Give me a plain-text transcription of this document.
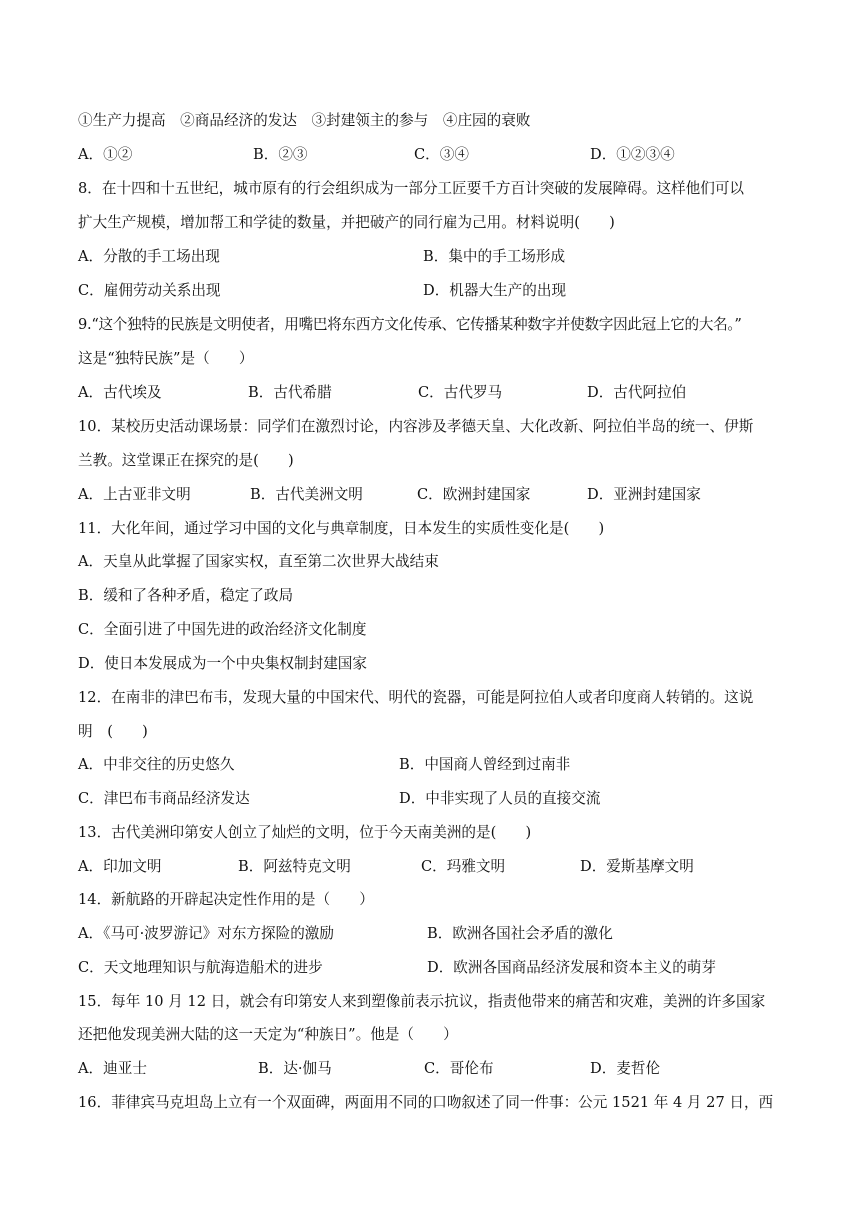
①生产力提高　②商品经济的发达　③封建领主的参与　④庄园的衰败
A．①②	B．②③	C．③④	D．①②③④
8．在十四和十五世纪，城市原有的行会组织成为一部分工匠要千方百计突破的发展障碍。这样他们可以
扩大生产规模，增加帮工和学徒的数量，并把破产的同行雇为己用。材料说明(　　)
A．分散的手工场出现	B．集中的手工场形成
C．雇佣劳动关系出现	D．机器大生产的出现
9.“这个独特的民族是文明使者，用嘴巴将东西方文化传承、它传播某种数字并使数字因此冠上它的大名。”
这是“独特民族”是（　　）
A．古代埃及	B．古代希腊	C．古代罗马	D．古代阿拉伯
10．某校历史活动课场景：同学们在激烈讨论，内容涉及孝德天皇、大化改新、阿拉伯半岛的统一、伊斯
兰教。这堂课正在探究的是(　　)
A．上古亚非文明	B．古代美洲文明	C．欧洲封建国家	D．亚洲封建国家
11．大化年间，通过学习中国的文化与典章制度，日本发生的实质性变化是(　　)
A．天皇从此掌握了国家实权，直至第二次世界大战结束
B．缓和了各种矛盾，稳定了政局
C．全面引进了中国先进的政治经济文化制度
D．使日本发展成为一个中央集权制封建国家
12．在南非的津巴布韦，发现大量的中国宋代、明代的瓷器，可能是阿拉伯人或者印度商人转销的。这说
明　(　　)
A．中非交往的历史悠久	B．中国商人曾经到过南非
C．津巴布韦商品经济发达	D．中非实现了人员的直接交流
13．古代美洲印第安人创立了灿烂的文明，位于今天南美洲的是(　　)
A．印加文明	B．阿兹特克文明	C．玛雅文明	D．爱斯基摩文明
14．新航路的开辟起决定性作用的是（　　）
A．《马可·波罗游记》对东方探险的激励	B．欧洲各国社会矛盾的激化
C．天文地理知识与航海造船术的进步	D．欧洲各国商品经济发展和资本主义的萌芽
15．每年 10 月 12 日，就会有印第安人来到塑像前表示抗议，指责他带来的痛苦和灾难，美洲的许多国家
还把他发现美洲大陆的这一天定为“种族日”。他是（　　）
A．迪亚士	B．达·伽马	C．哥伦布	D．麦哲伦
16．菲律宾马克坦岛上立有一个双面碑，两面用不同的口吻叙述了同一件事：公元 1521 年 4 月 27 日，西
